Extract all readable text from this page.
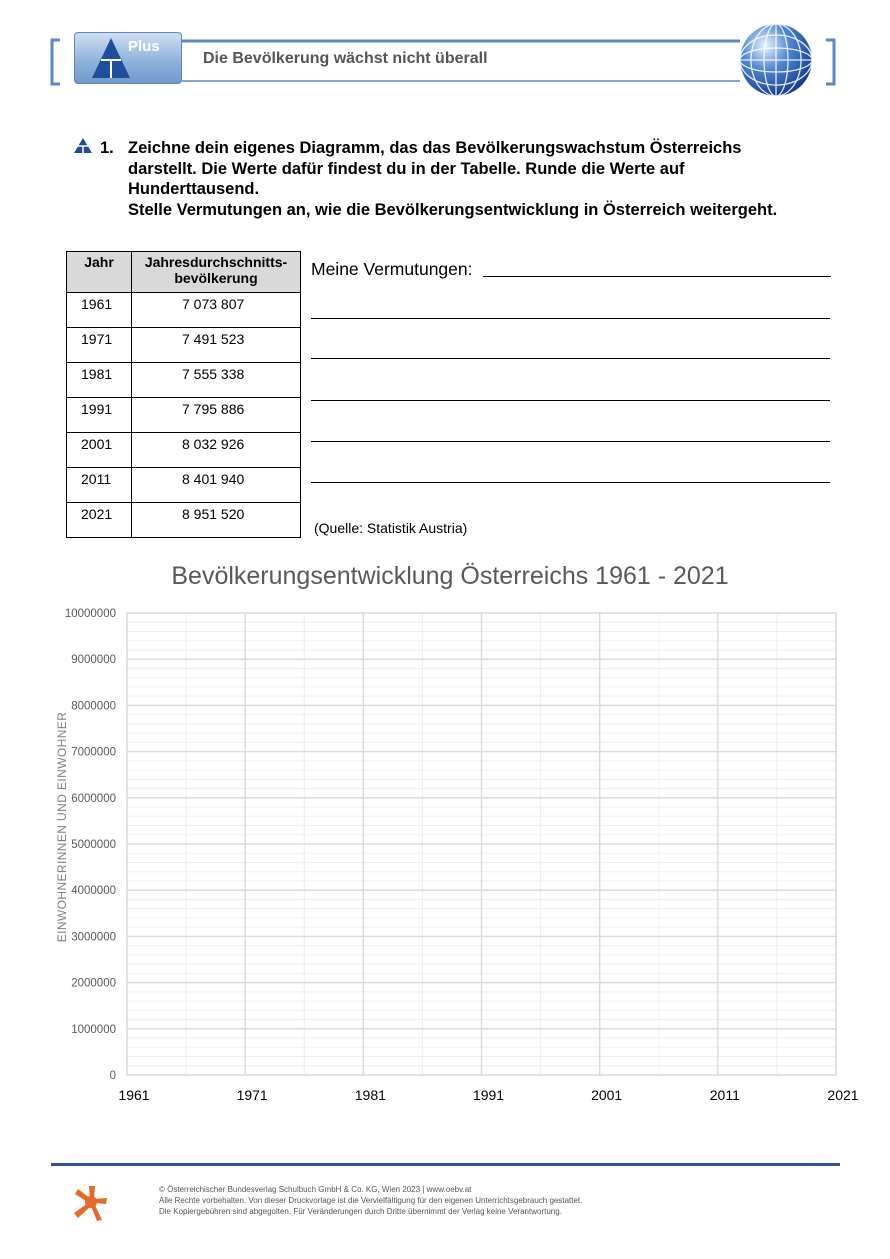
Plus
Die Bevölkerung wächst nicht überall
1. Zeichne dein eigenes Diagramm, das das Bevölkerungswachstum Österreichs
darstellt. Die Werte dafür findest du in der Tabelle. Runde die Werte auf
Hunderttausend.
Stelle Vermutungen an, wie die Bevölkerungsentwicklung in Österreich weitergeht.
Jahr	Jahresdurchschnitts-
bevölkerung
1961	7 073 807
1971	7 491 523
1981	7 555 338
1991	7 795 886
2001	8 032 926
2011	8 401 940
2021	8 951 520
Meine Vermutungen:
(Quelle: Statistik Austria)
Bevölkerungsentwicklung Österreichs 1961 - 2021
EINWOHNERINNEN UND EINWOHNER
0
1000000
2000000
3000000
4000000
5000000
6000000
7000000
8000000
9000000
10000000
1961	1971	1981	1991	2001	2011	2021
© Österreichischer Bundesverlag Schulbuch GmbH & Co. KG, Wien 2023 | www.oebv.at
Alle Rechte vorbehalten. Von dieser Druckvorlage ist die Vervielfältigung für den eigenen Unterrichtsgebrauch gestattet.
Die Kopiergebühren sind abgegolten. Für Veränderungen durch Dritte übernimmt der Verlag keine Verantwortung.
